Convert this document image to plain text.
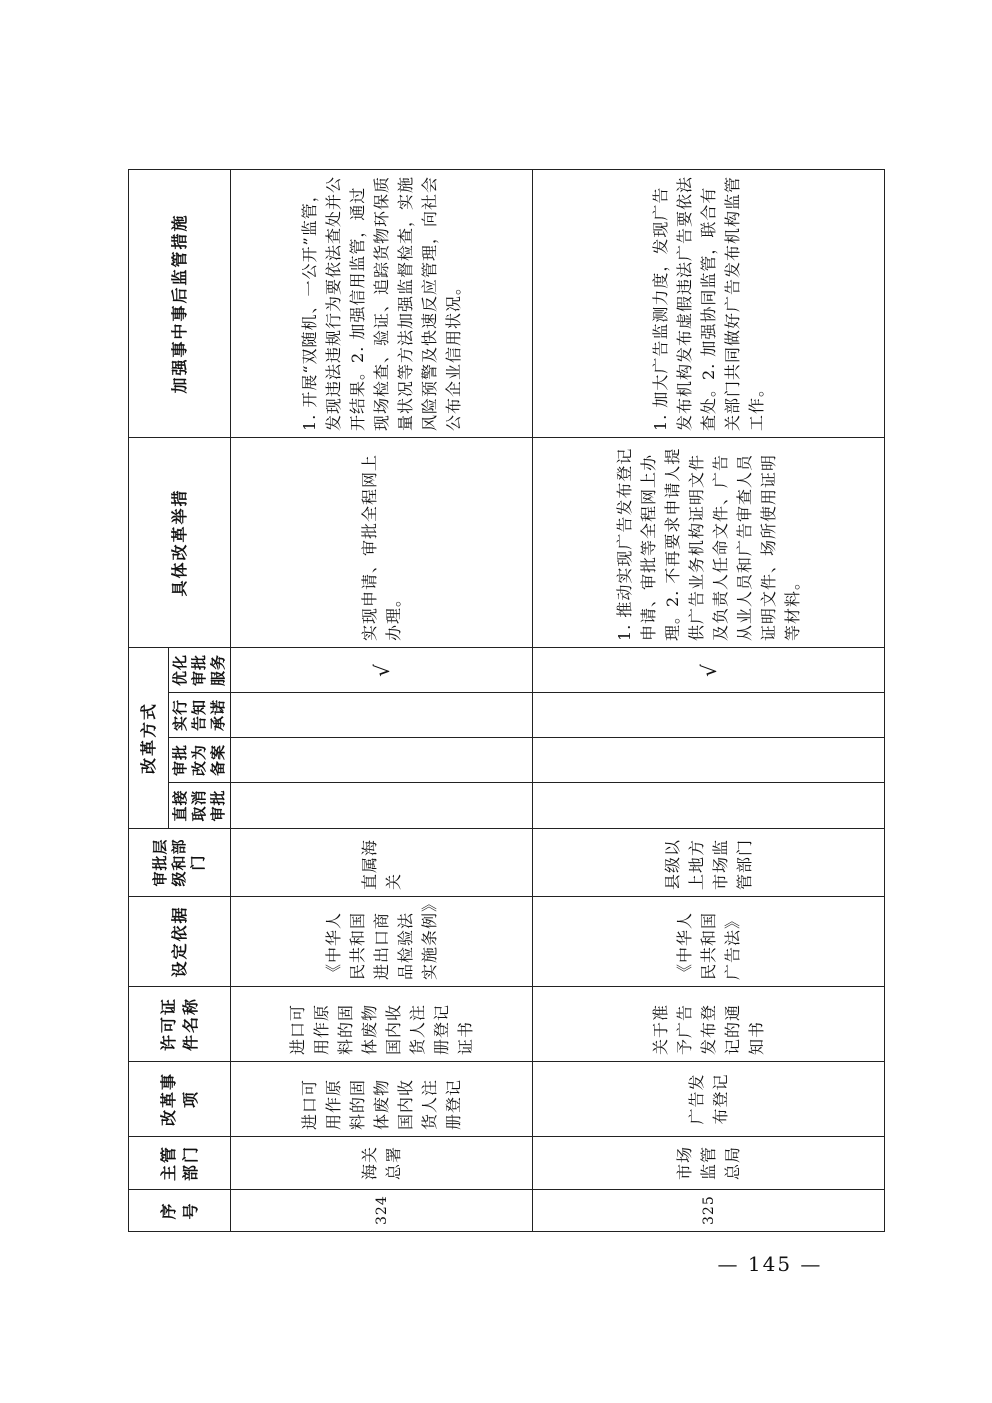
序号	主管部门	改革事项	许可证件名称	设定依据	审批层级和部门	改革方式				具体改革举措	加强事中事后监管措施
						直接取消审批	审批改为备案	实行告知承诺	优化审批服务		
324	海关总署	进口可用作原料的固体废物国内收货人注册登记	进口可用作原料的固体废物国内收货人注册登记证书	《中华人民共和国进出口商品检验法实施条例》	直属海关				√	实现申请、审批全程网上办理。	1. 开展“双随机、一公开”监管，发现违法违规行为要依法查处并公开结果。2. 加强信用监管，通过现场检查、验证、追踪货物环保质量状况等方法加强监督检查，实施风险预警及快速反应管理，向社会公布企业信用状况。
325	市场监管总局	广告发布登记	关于准予广告发布登记的通知书	《中华人民共和国广告法》	县级以上地方市场监管部门				√	1. 推动实现广告发布登记申请、审批等全程网上办理。2. 不再要求申请人提供广告业务机构证明文件及负责人任命文件、广告从业人员和广告审查人员证明文件、场所使用证明等材料。	1. 加大广告监测力度，发现广告发布机构发布虚假违法广告要依法查处。2. 加强协同监管，联合有关部门共同做好广告发布机构监管工作。
— 145 —
